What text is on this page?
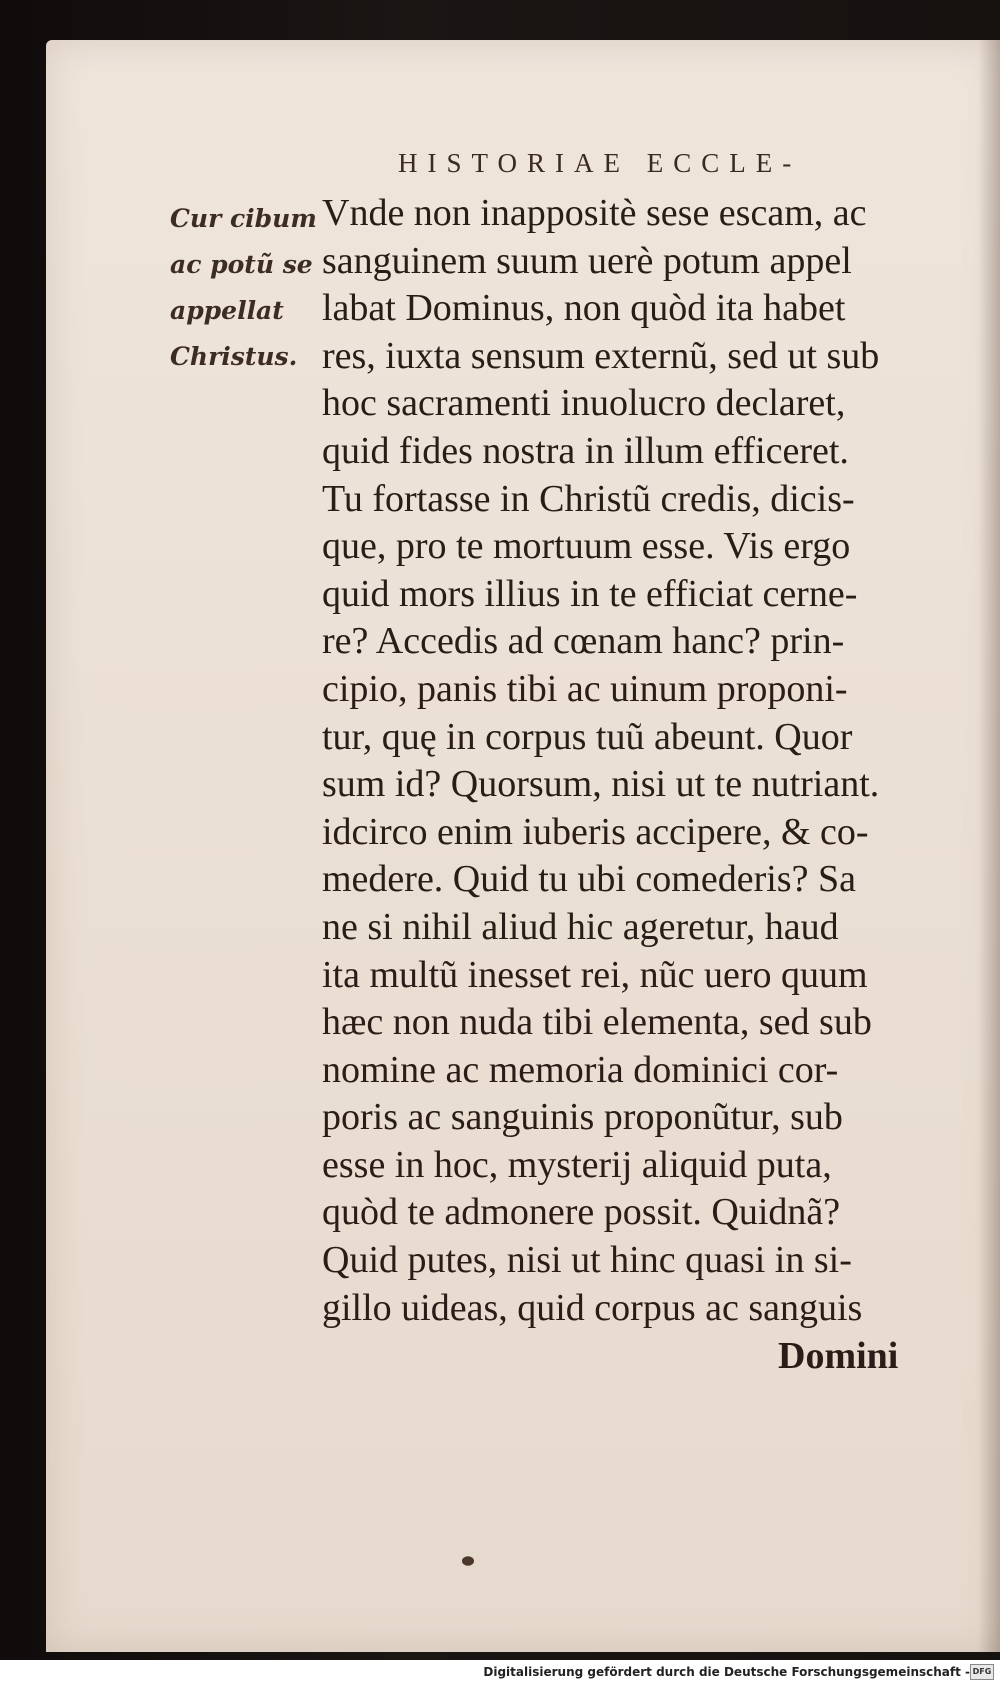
HISTORIAE ECCLE-
Cur cibum
ac potũ se
appellat
Christus.
Vnde non inappositè sese escam, ac
sanguinem suum uerè potum appel
labat Dominus, non quòd ita habet
res, iuxta sensum externũ, sed ut sub
hoc sacramenti inuolucro declaret,
quid fides nostra in illum efficeret.
Tu fortasse in Christũ credis, dicis-
que, pro te mortuum esse. Vis ergo
quid mors illius in te efficiat cerne-
re? Accedis ad cœnam hanc? prin-
cipio, panis tibi ac uinum proponi-
tur, quę in corpus tuũ abeunt. Quor
sum id? Quorsum, nisi ut te nutriant.
idcirco enim iuberis accipere, & co-
medere. Quid tu ubi comederis? Sa
ne si nihil aliud hic ageretur, haud
ita multũ inesset rei, nũc uero quum
hæc non nuda tibi elementa, sed sub
nomine ac memoria dominici cor-
poris ac sanguinis proponũtur, sub
esse in hoc, mysterij aliquid puta,
quòd te admonere possit. Quidnã?
Quid putes, nisi ut hinc quasi in si-
gillo uideas, quid corpus ac sanguis
Domini
Digitalisierung gefördert durch die Deutsche Forschungsgemeinschaft - DFG
